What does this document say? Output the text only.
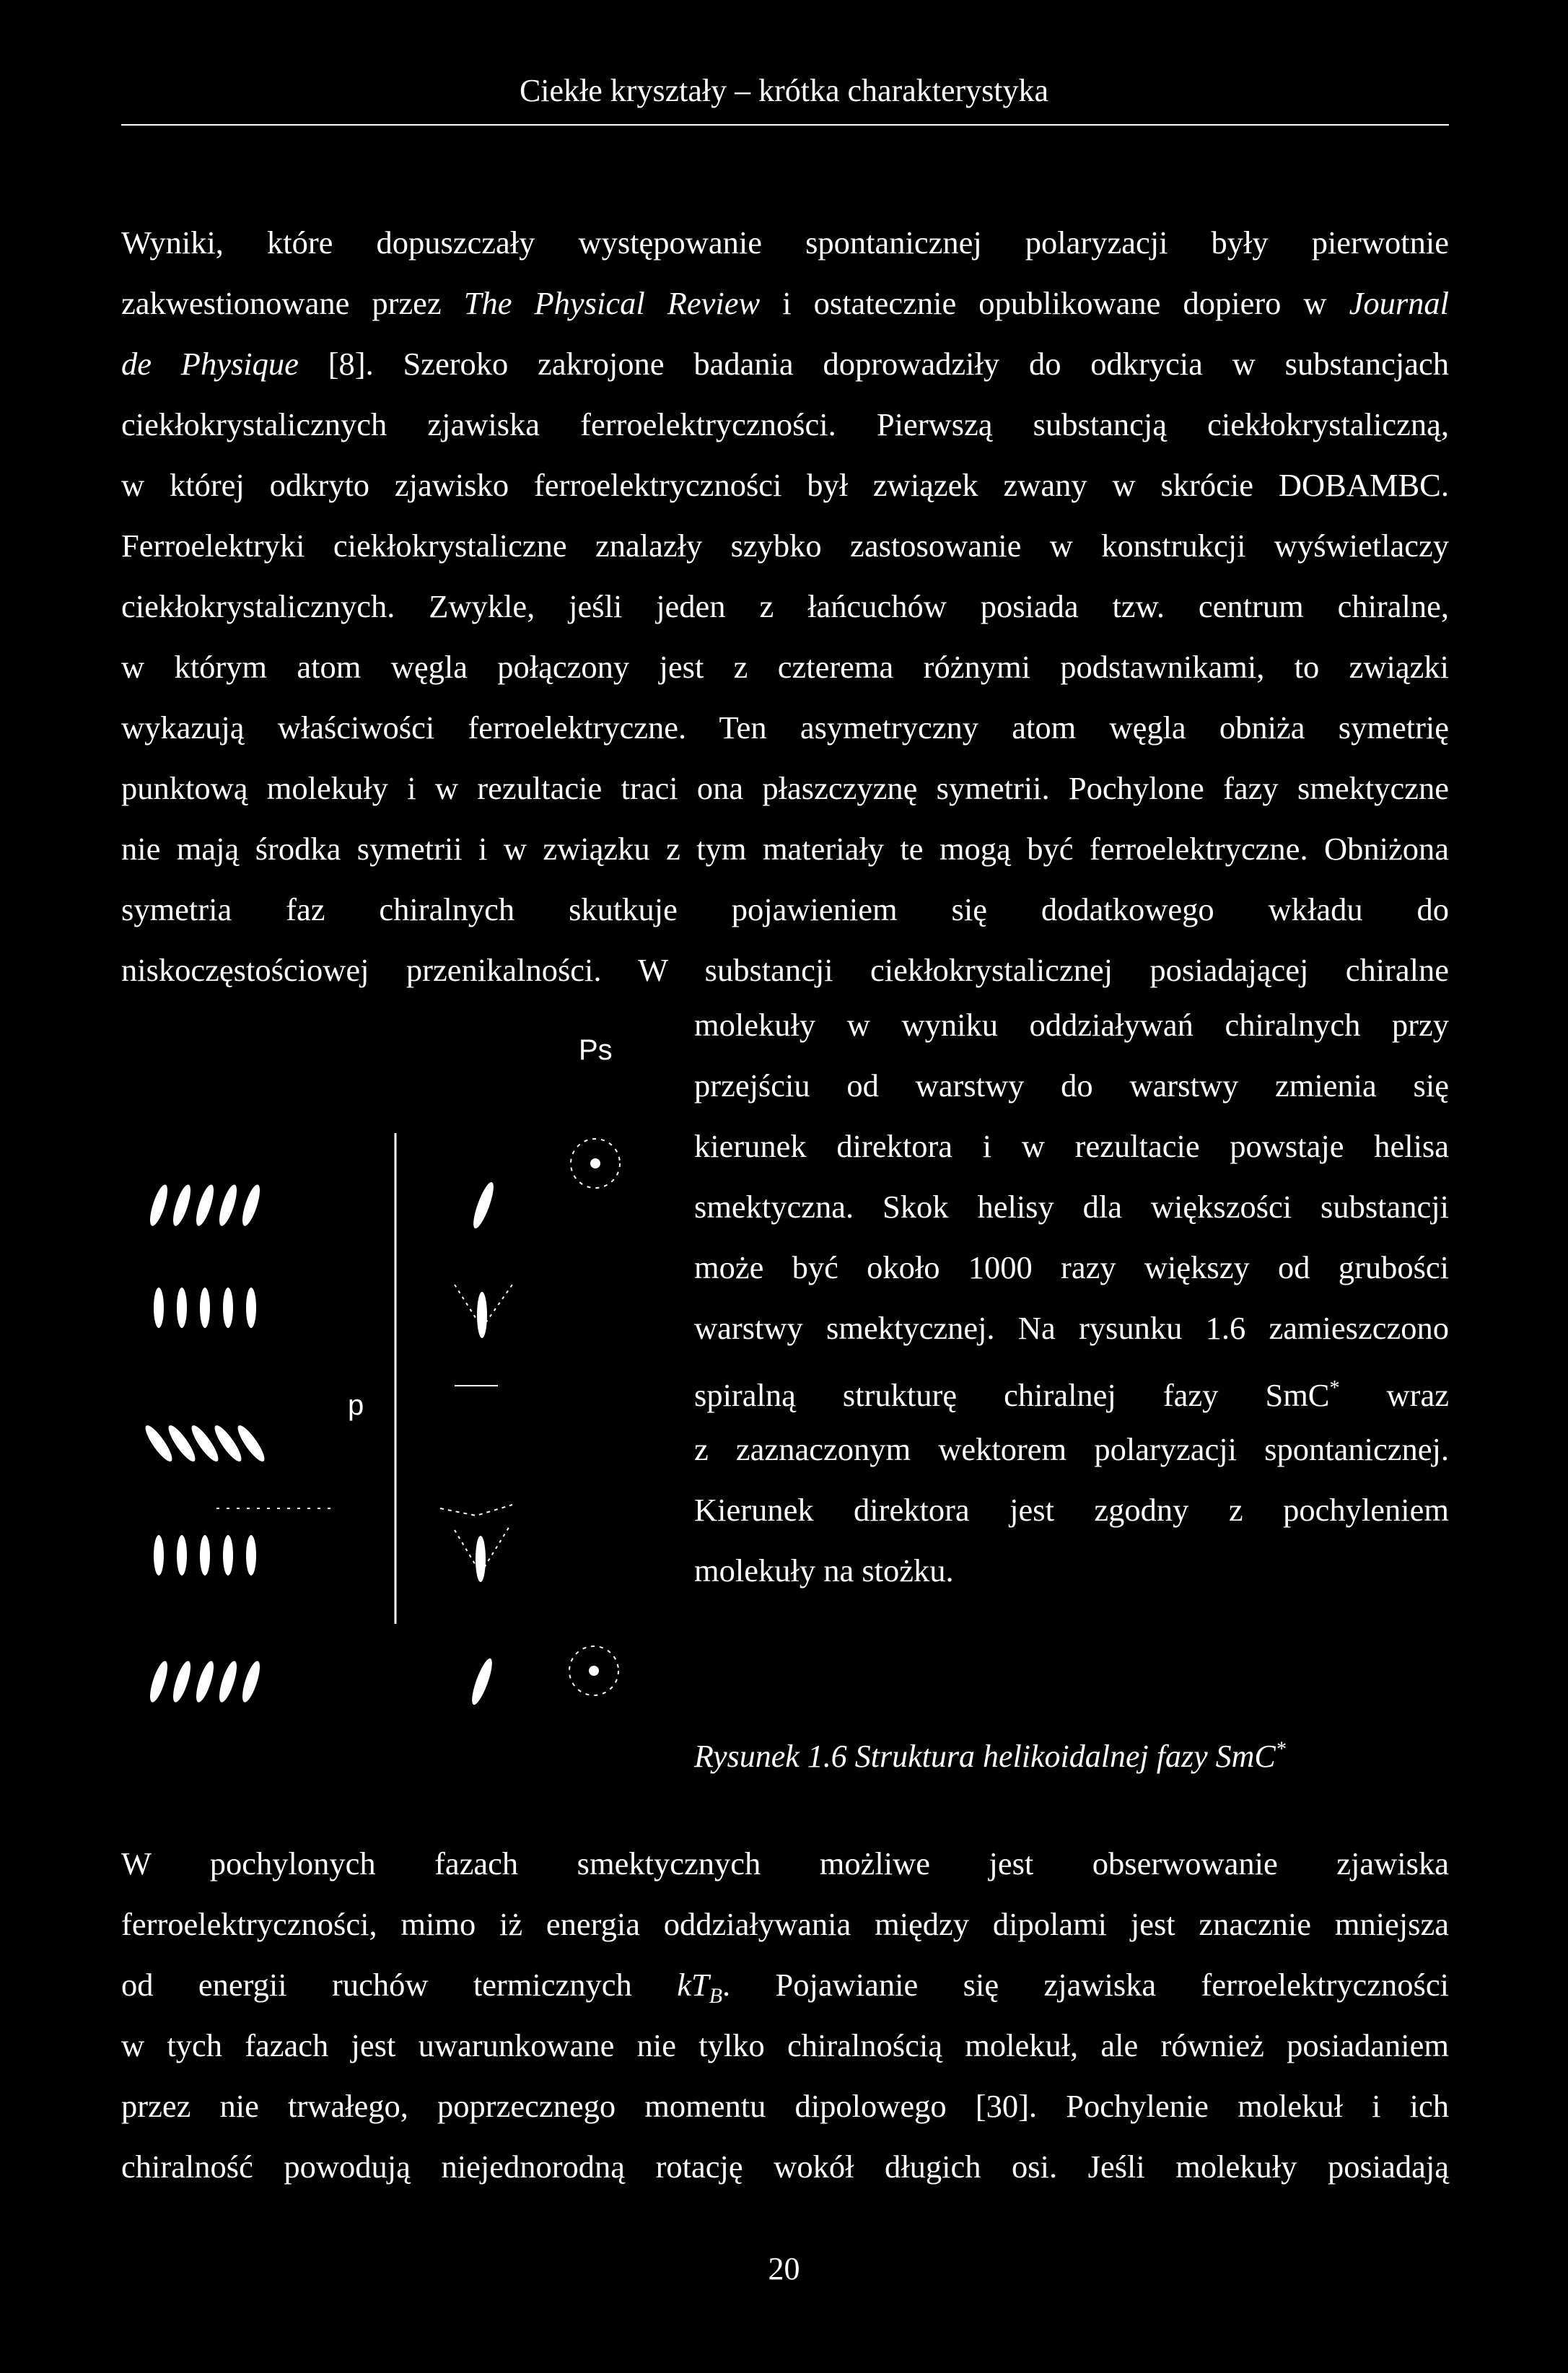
Ciekłe kryształy – krótka charakterystyka
Wyniki, które dopuszczały występowanie spontanicznej polaryzacji były pierwotnie
zakwestionowane przez The Physical Review i ostatecznie opublikowane dopiero w Journal
de Physique [8]. Szeroko zakrojone badania doprowadziły do odkrycia w substancjach
ciekłokrystalicznych zjawiska ferroelektryczności. Pierwszą substancją ciekłokrystaliczną,
w której odkryto zjawisko ferroelektryczności był związek zwany w skrócie DOBAMBC.
Ferroelektryki ciekłokrystaliczne znalazły szybko zastosowanie w konstrukcji wyświetlaczy
ciekłokrystalicznych. Zwykle, jeśli jeden z łańcuchów posiada tzw. centrum chiralne,
w którym atom węgla połączony jest z czterema różnymi podstawnikami, to związki
wykazują właściwości ferroelektryczne. Ten asymetryczny atom węgla obniża symetrię
punktową molekuły i w rezultacie traci ona płaszczyznę symetrii. Pochylone fazy smektyczne
nie mają środka symetrii i w związku z tym materiały te mogą być ferroelektryczne. Obniżona
symetria faz chiralnych skutkuje pojawieniem się dodatkowego wkładu do
niskoczęstościowej przenikalności. W substancji ciekłokrystalicznej posiadającej chiralne
molekuły w wyniku oddziaływań chiralnych przy
przejściu od warstwy do warstwy zmienia się
kierunek direktora i w rezultacie powstaje helisa
smektyczna. Skok helisy dla większości substancji
może być około 1000 razy większy od grubości
warstwy smektycznej. Na rysunku 1.6 zamieszczono
spiralną strukturę chiralnej fazy SmC* wraz
z zaznaczonym wektorem polaryzacji spontanicznej.
Kierunek direktora jest zgodny z pochyleniem
molekuły na stożku.
Ps
p
Rysunek 1.6 Struktura helikoidalnej fazy SmC*
W pochylonych fazach smektycznych możliwe jest obserwowanie zjawiska
ferroelektryczności, mimo iż energia oddziaływania między dipolami jest znacznie mniejsza
od energii ruchów termicznych $kT_B$. Pojawianie się zjawiska ferroelektryczności
w tych fazach jest uwarunkowane nie tylko chiralnością molekuł, ale również posiadaniem
przez nie trwałego, poprzecznego momentu dipolowego [30]. Pochylenie molekuł i ich
chiralność powodują niejednorodną rotację wokół długich osi. Jeśli molekuły posiadają
20
